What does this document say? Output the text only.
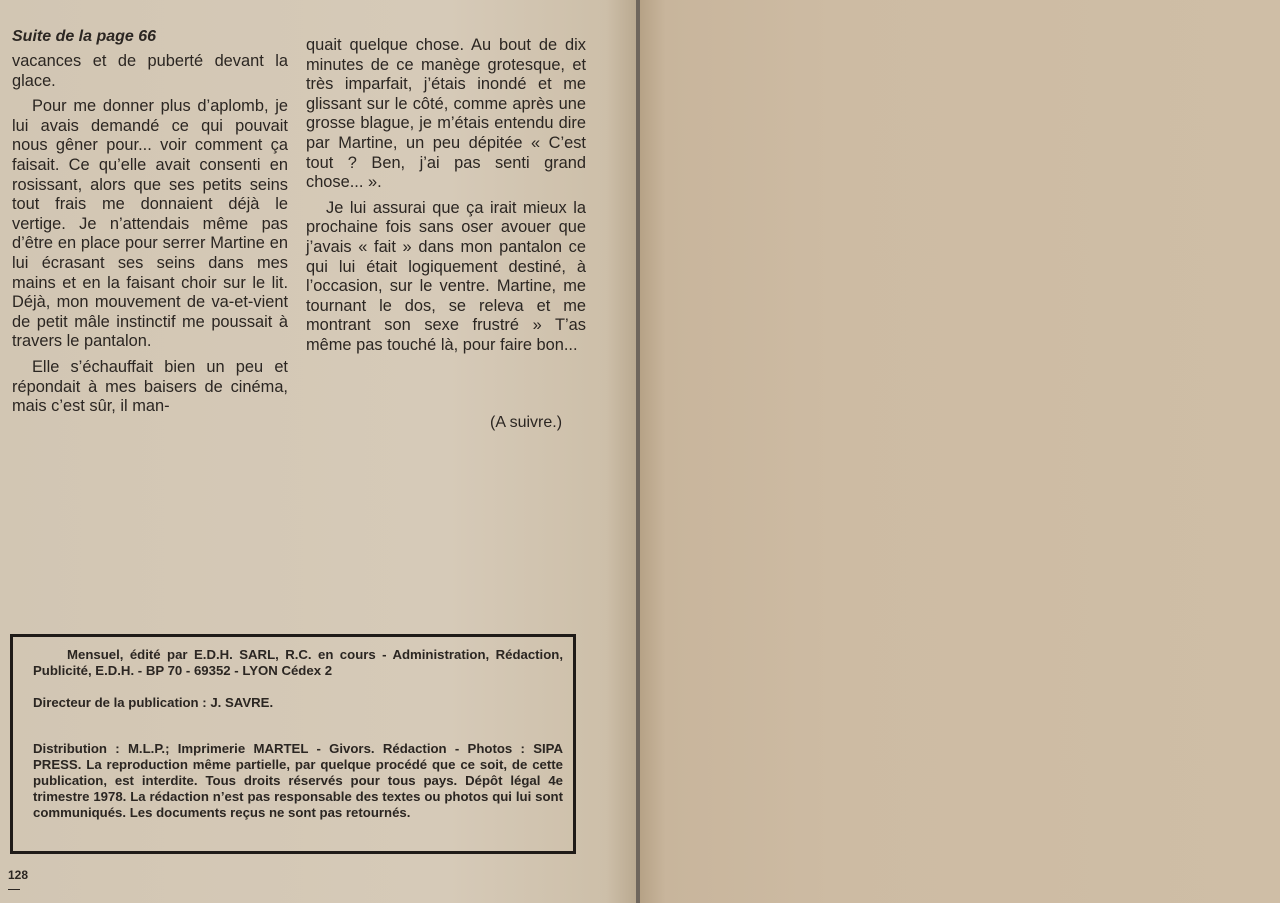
Suite de la page 66

vacances et de puberté devant la glace.

Pour me donner plus d’aplomb, je lui avais demandé ce qui pouvait nous gêner pour... voir comment ça faisait. Ce qu’elle avait consenti en rosissant, alors que ses petits seins tout frais me donnaient déjà le vertige. Je n’attendais même pas d’être en place pour serrer Martine en lui écrasant ses seins dans mes mains et en la faisant choir sur le lit. Déjà, mon mouvement de va-et-vient de petit mâle instinctif me poussait à travers le pantalon.

Elle s’échauffait bien un peu et répondait à mes baisers de cinéma, mais c’est sûr, il man-

quait quelque chose. Au bout de dix minutes de ce manège grotesque, et très imparfait, j’étais inondé et me glissant sur le côté, comme après une grosse blague, je m’étais entendu dire par Martine, un peu dépitée « C’est tout ? Ben, j’ai pas senti grand chose... ».

Je lui assurai que ça irait mieux la prochaine fois sans oser avouer que j’avais « fait » dans mon pantalon ce qui lui était logiquement destiné, à l’occasion, sur le ventre. Martine, me tournant le dos, se releva et me montrant son sexe frustré » T’as même pas touché là, pour faire bon...

(A suivre.)
Mensuel, édité par E.D.H. SARL, R.C. en cours - Administration, Rédaction, Publicité, E.D.H. - BP 70 - 69352 - LYON Cédex 2
Directeur de la publication : J. SAVRE.
Distribution : M.L.P.; Imprimerie MARTEL - Givors. Rédaction - Photos : SIPA PRESS. La reproduction même partielle, par quelque procédé que ce soit, de cette publication, est interdite. Tous droits réservés pour tous pays. Dépôt légal 4e trimestre 1978. La rédaction n’est pas responsable des textes ou photos qui lui sont communiqués. Les documents reçus ne sont pas retournés.
128
